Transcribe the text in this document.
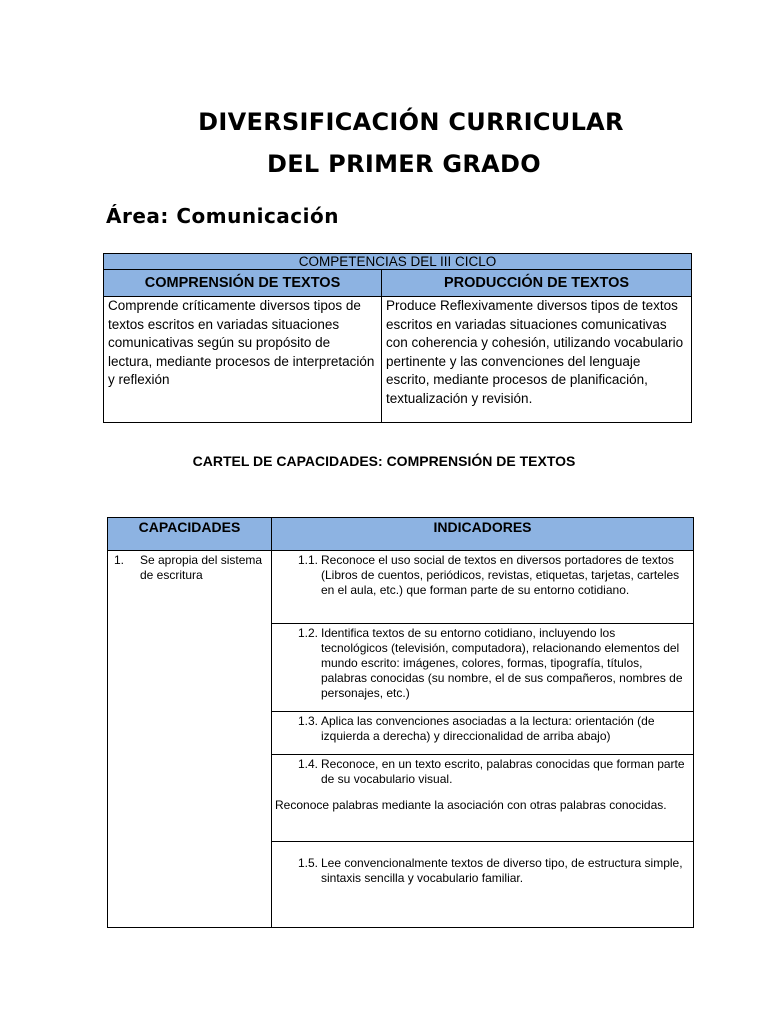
DIVERSIFICACIÓN CURRICULAR
DEL PRIMER GRADO
Área: Comunicación
COMPETENCIAS DEL III CICLO	
COMPRENSIÓN DE TEXTOS	PRODUCCIÓN DE TEXTOS
Comprende críticamente diversos tipos de textos escritos en variadas situaciones comunicativas según su propósito de lectura, mediante procesos de interpretación y reflexión	Produce Reflexivamente diversos tipos de textos escritos en variadas situaciones comunicativas con coherencia y cohesión, utilizando vocabulario pertinente y las convenciones del lenguaje escrito, mediante procesos de planificación, textualización y revisión.

CARTEL DE CAPACIDADES: COMPRENSIÓN DE TEXTOS

CAPACIDADES	INDICADORES

1. Se apropia del sistema de escritura	1.1. Reconoce el uso social de textos en diversos portadores de textos (Libros de cuentos, periódicos, revistas, etiquetas, tarjetas, carteles en el aula, etc.) que forman parte de su entorno cotidiano.

	1.2. Identifica textos de su entorno cotidiano, incluyendo los tecnológicos (televisión, computadora), relacionando elementos del mundo escrito: imágenes, colores, formas, tipografía, títulos, palabras conocidas (su nombre, el de sus compañeros, nombres de personajes, etc.)

	1.3. Aplica las convenciones asociadas a la lectura: orientación (de izquierda a derecha) y direccionalidad de arriba abajo)

	1.4. Reconoce, en un texto escrito, palabras conocidas que forman parte de su vocabulario visual.

Reconoce palabras mediante la asociación con otras palabras conocidas.

	1.5. Lee convencionalmente textos de diverso tipo, de estructura simple, sintaxis sencilla y vocabulario familiar.
